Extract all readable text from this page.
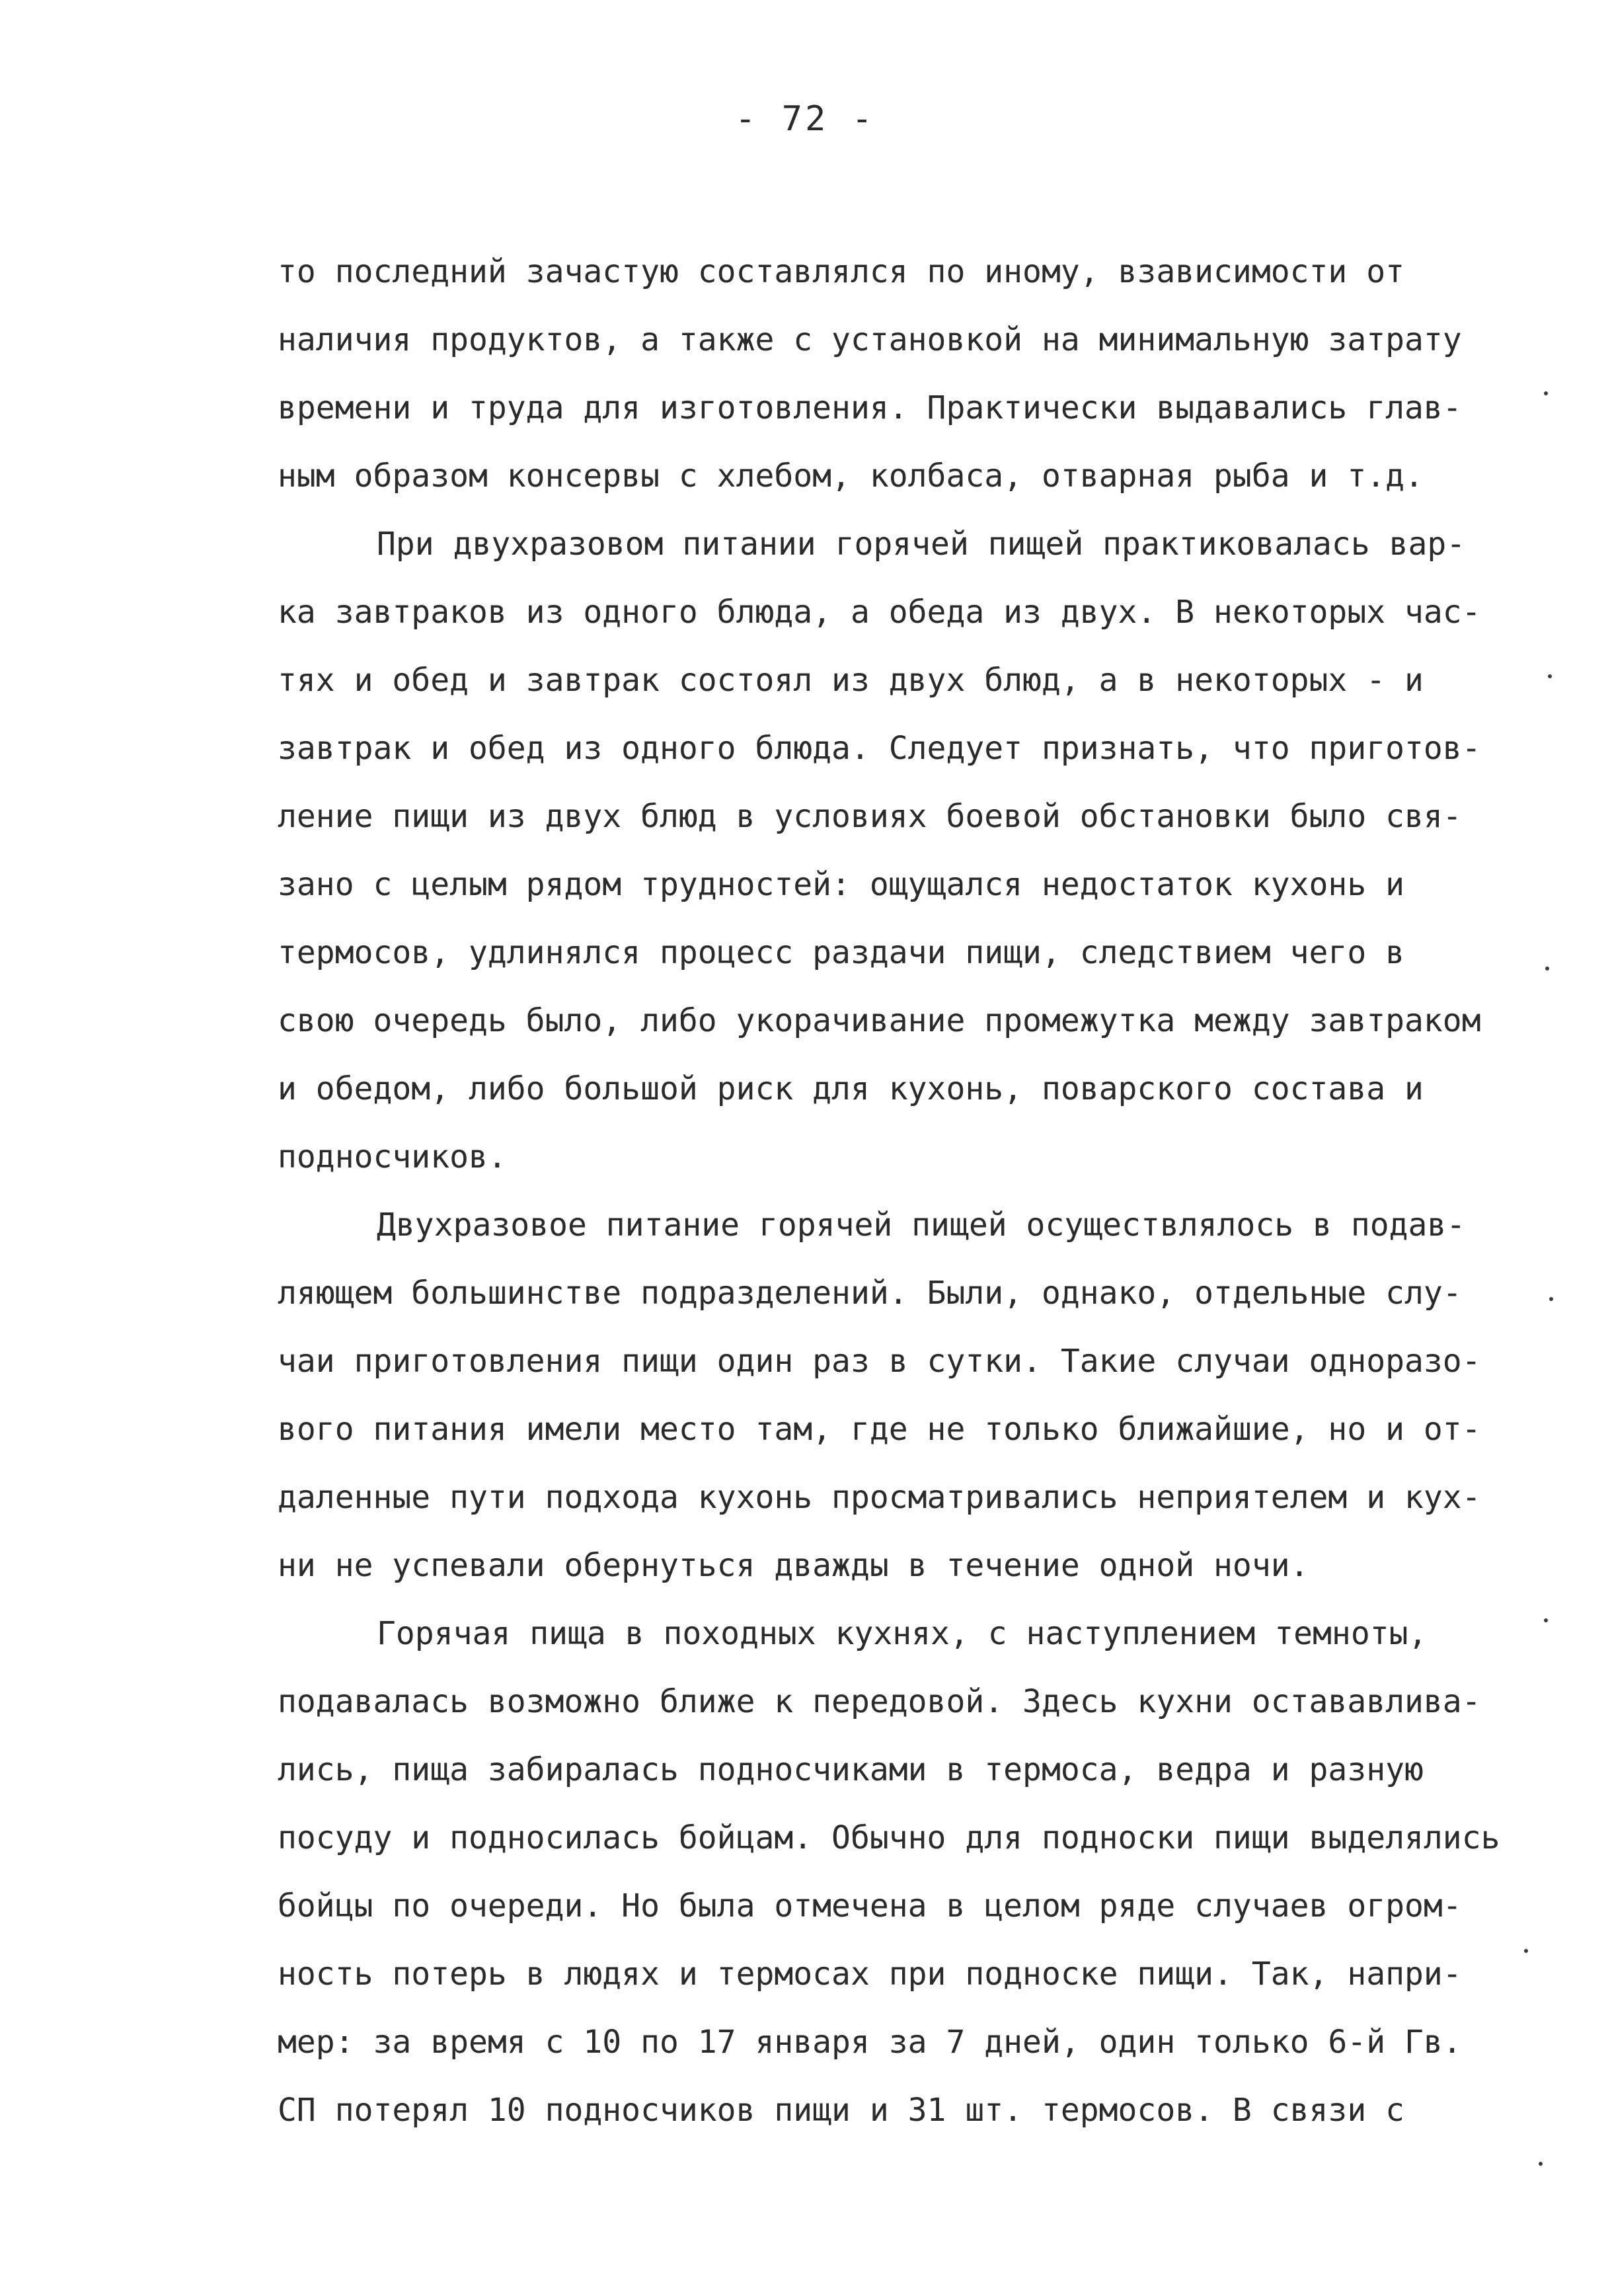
- 72 -
то последний зачастую составлялся по иному, взависимости от
наличия продуктов, а также с установкой на минимальную затрату
времени и труда для изготовления. Практически выдавались глав-
ным образом консервы с хлебом, колбаса, отварная рыба и т.д.
При двухразовом питании горячей пищей практиковалась вар-
ка завтраков из одного блюда, а обеда из двух. В некоторых час-
тях и обед и завтрак состоял из двух блюд, а в некоторых - и
завтрак и обед из одного блюда. Следует признать, что приготов-
ление пищи из двух блюд в условиях боевой обстановки было свя-
зано с целым рядом трудностей: ощущался недостаток кухонь и
термосов, удлинялся процесс раздачи пищи, следствием чего в
свою очередь было, либо укорачивание промежутка между завтраком
и обедом, либо большой риск для кухонь, поварского состава и
подносчиков.
Двухразовое питание горячей пищей осуществлялось в подав-
ляющем большинстве подразделений. Были, однако, отдельные слу-
чаи приготовления пищи один раз в сутки. Такие случаи одноразо-
вого питания имели место там, где не только ближайшие, но и от-
даленные пути подхода кухонь просматривались неприятелем и кух-
ни не успевали обернуться дважды в течение одной ночи.
Горячая пища в походных кухнях, с наступлением темноты,
подавалась возможно ближе к передовой. Здесь кухни остававлива-
лись, пища забиралась подносчиками в термоса, ведра и разную
посуду и подносилась бойцам. Обычно для подноски пищи выделялись
бойцы по очереди. Но была отмечена в целом ряде случаев огром-
ность потерь в людях и термосах при подноске пищи. Так, напри-
мер: за время с 10 по 17 января за 7 дней, один только 6-й Гв.
СП потерял 10 подносчиков пищи и 31 шт. термосов. В связи с
